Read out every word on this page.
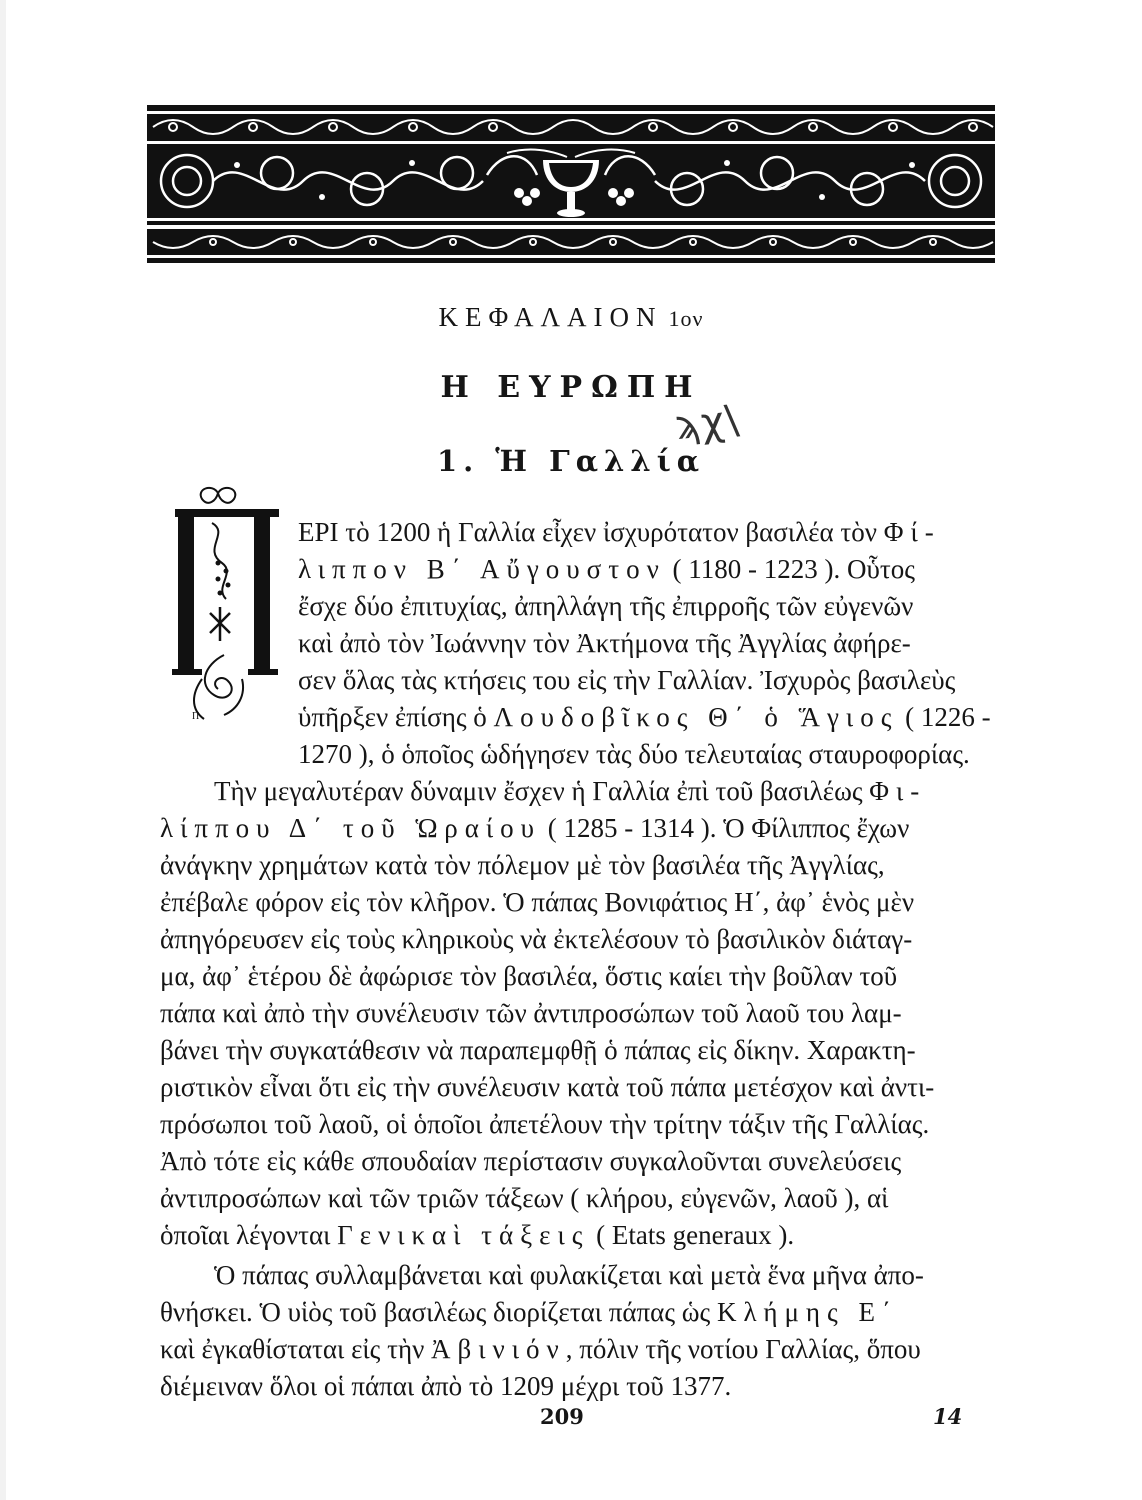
ΚΕΦΑΛΑΙΟΝ 1ον
Η ΕΥΡΩΠΗ
ϡχ\
1. Ἡ Γαλλία
Π
ΕΡΙ τὸ 1200 ἡ Γαλλία εἶχεν ἰσχυρότατον βασιλέα τὸν Φί-
λιππον Β΄ Αὔγουστον ( 1180 - 1223 ). Οὗτος
ἔσχε δύο ἐπιτυχίας, ἀπηλλάγη τῆς ἐπιρροῆς τῶν εὐγενῶν
καὶ ἀπὸ τὸν Ἰωάννην τὸν Ἀκτήμονα τῆς Ἀγγλίας ἀφήρε-
σεν ὅλας τὰς κτήσεις του εἰς τὴν Γαλλίαν. Ἰσχυρὸς βασιλεὺς
ὑπῆρξεν ἐπίσης ὁ Λουδοβῖκος Θ΄ ὁ Ἅγιος ( 1226 -
1270 ), ὁ ὁποῖος ὡδήγησεν τὰς δύο τελευταίας σταυροφορίας.
Τὴν μεγαλυτέραν δύναμιν ἔσχεν ἡ Γαλλία ἐπὶ τοῦ βασιλέως Φι-
λίππου Δ΄ τοῦ Ὡραίου ( 1285 - 1314 ). Ὁ Φίλιππος ἔχων
ἀνάγκην χρημάτων κατὰ τὸν πόλεμον μὲ τὸν βασιλέα τῆς Ἀγγλίας,
ἐπέβαλε φόρον εἰς τὸν κλῆρον. Ὁ πάπας Βονιφάτιος Η΄, ἀφ᾽ ἑνὸς μὲν
ἀπηγόρευσεν εἰς τοὺς κληρικοὺς νὰ ἐκτελέσουν τὸ βασιλικὸν διάταγ-
μα, ἀφ᾽ ἑτέρου δὲ ἀφώρισε τὸν βασιλέα, ὅστις καίει τὴν βοῦλαν τοῦ
πάπα καὶ ἀπὸ τὴν συνέλευσιν τῶν ἀντιπροσώπων τοῦ λαοῦ του λαμ-
βάνει τὴν συγκατάθεσιν νὰ παραπεμφθῇ ὁ πάπας εἰς δίκην. Χαρακτη-
ριστικὸν εἶναι ὅτι εἰς τὴν συνέλευσιν κατὰ τοῦ πάπα μετέσχον καὶ ἀντι-
πρόσωποι τοῦ λαοῦ, οἱ ὁποῖοι ἀπετέλουν τὴν τρίτην τάξιν τῆς Γαλλίας.
Ἀπὸ τότε εἰς κάθε σπουδαίαν περίστασιν συγκαλοῦνται συνελεύσεις
ἀντιπροσώπων καὶ τῶν τριῶν τάξεων ( κλήρου, εὐγενῶν, λαοῦ ), αἱ
ὁποῖαι λέγονται Γενικαὶ τάξεις ( Etats generaux ).
Ὁ πάπας συλλαμβάνεται καὶ φυλακίζεται καὶ μετὰ ἕνα μῆνα ἀπο-
θνήσκει. Ὁ υἱὸς τοῦ βασιλέως διορίζεται πάπας ὡς Κλήμης Ε΄
καὶ ἐγκαθίσταται εἰς τὴν Ἀβινιόν, πόλιν τῆς νοτίου Γαλλίας, ὅπου
διέμειναν ὅλοι οἱ πάπαι ἀπὸ τὸ 1209 μέχρι τοῦ 1377.
209	14
